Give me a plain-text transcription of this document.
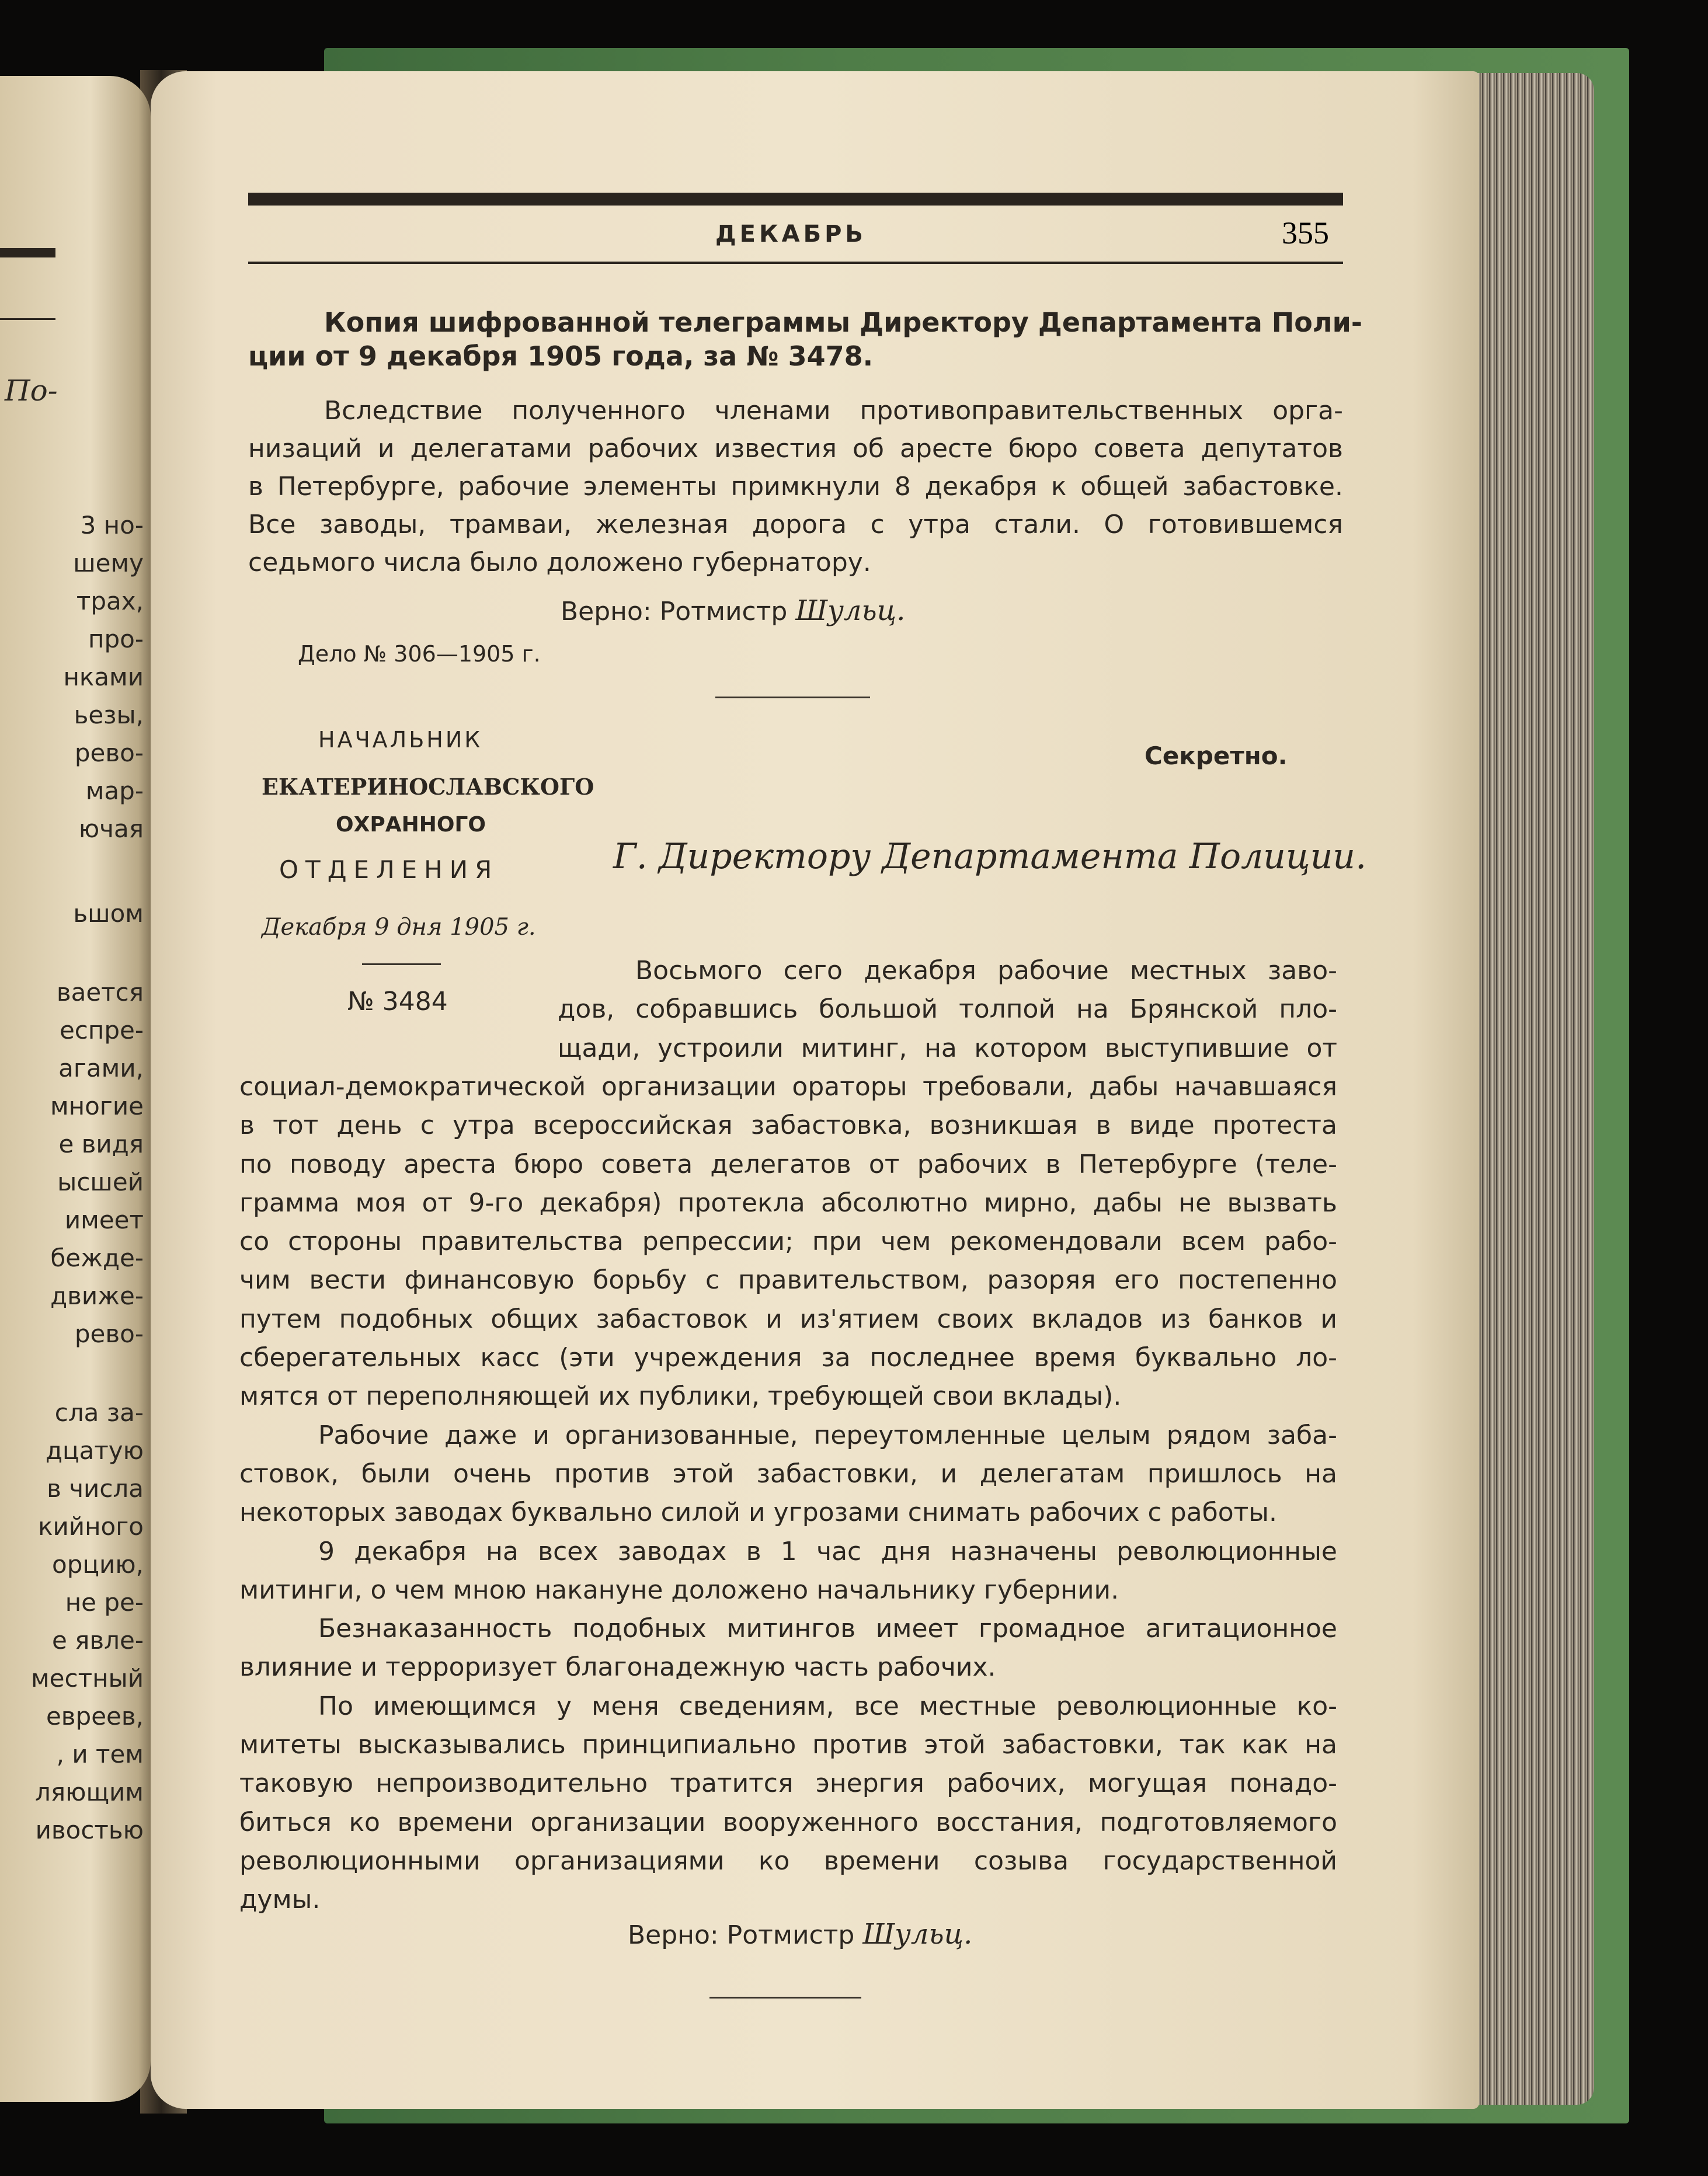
По-
3 но-
шему
трах,
про-
нками
ьезы,
рево-
мар-
ючая
ьшом
вается
еспре-
агами,
многие
е видя
ысшей
имеет
бежде-
движе-
рево-
сла за-
дцатую
в числа
кийного
орцию,
не ре-
е явле-
местный
евреев,
, и тем
ляющим
ивостью
ДЕКАБРЬ	355
Копия шифрованной телеграммы Директору Департамента Поли-
ции от 9 декабря 1905 года, за № 3478.
Вследствие полученного членами противоправительственных орга-
низаций и делегатами рабочих известия об аресте бюро совета депутатов
в Петербурге, рабочие элементы примкнули 8 декабря к общей забастовке.
Все заводы, трамваи, железная дорога с утра стали. О готовившемся
седьмого числа было доложено губернатору.
Верно: Ротмистр Шульц.
Дело № 306—1905 г.
НАЧАЛЬНИК
ЕКАТЕРИНОСЛАВСКОГО
ОХРАННОГО
ОТДЕЛЕНИЯ
Декабря 9 дня 1905 г.
№ 3484
Секретно.
Г. Директору Департамента Полиции.
Восьмого сего декабря рабочие местных заво-
дов, собравшись большой толпой на Брянской пло-
щади, устроили митинг, на котором выступившие от
социал-демократической организации ораторы требовали, дабы начавшаяся
в тот день с утра всероссийская забастовка, возникшая в виде протеста
по поводу ареста бюро совета делегатов от рабочих в Петербурге (теле-
грамма моя от 9-го декабря) протекла абсолютно мирно, дабы не вызвать
со стороны правительства репрессии; при чем рекомендовали всем рабо-
чим вести финансовую борьбу с правительством, разоряя его постепенно
путем подобных общих забастовок и из'ятием своих вкладов из банков и
сберегательных касс (эти учреждения за последнее время буквально ло-
мятся от переполняющей их публики, требующей свои вклады).
Рабочие даже и организованные, переутомленные целым рядом заба-
стовок, были очень против этой забастовки, и делегатам пришлось на
некоторых заводах буквально силой и угрозами снимать рабочих с работы.
9 декабря на всех заводах в 1 час дня назначены революционные
митинги, о чем мною накануне доложено начальнику губернии.
Безнаказанность подобных митингов имеет громадное агитационное
влияние и терроризует благонадежную часть рабочих.
По имеющимся у меня сведениям, все местные революционные ко-
митеты высказывались принципиально против этой забастовки, так как на
таковую непроизводительно тратится энергия рабочих, могущая понадо-
биться ко времени организации вооруженного восстания, подготовляемого
революционными организациями ко времени созыва государственной
думы.
Верно: Ротмистр Шульц.
